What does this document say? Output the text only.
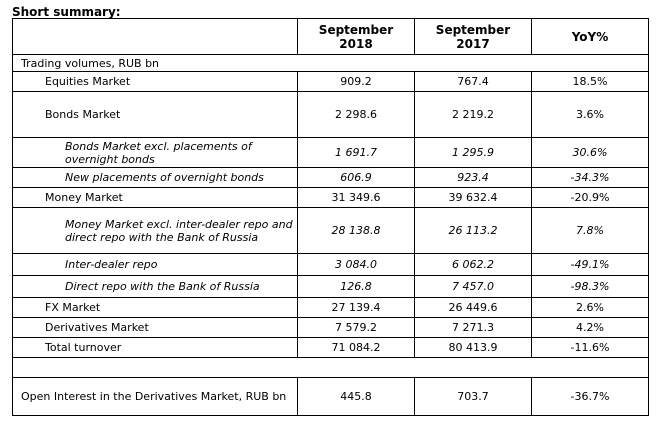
Short summary:
	September 2018	September 2017	YoY%
Trading volumes, RUB bn			
Equities Market	909.2	767.4	18.5%
Bonds Market	2 298.6	2 219.2	3.6%
Bonds Market excl. placements of overnight bonds	1 691.7	1 295.9	30.6%
New placements of overnight bonds	606.9	923.4	-34.3%
Money Market	31 349.6	39 632.4	-20.9%
Money Market excl. inter-dealer repo and direct repo with the Bank of Russia	28 138.8	26 113.2	7.8%
Inter-dealer repo	3 084.0	6 062.2	-49.1%
Direct repo with the Bank of Russia	126.8	7 457.0	-98.3%
FX Market	27 139.4	26 449.6	2.6%
Derivatives Market	7 579.2	7 271.3	4.2%
Total turnover	71 084.2	80 413.9	-11.6%

Open Interest in the Derivatives Market, RUB bn	445.8	703.7	-36.7%
